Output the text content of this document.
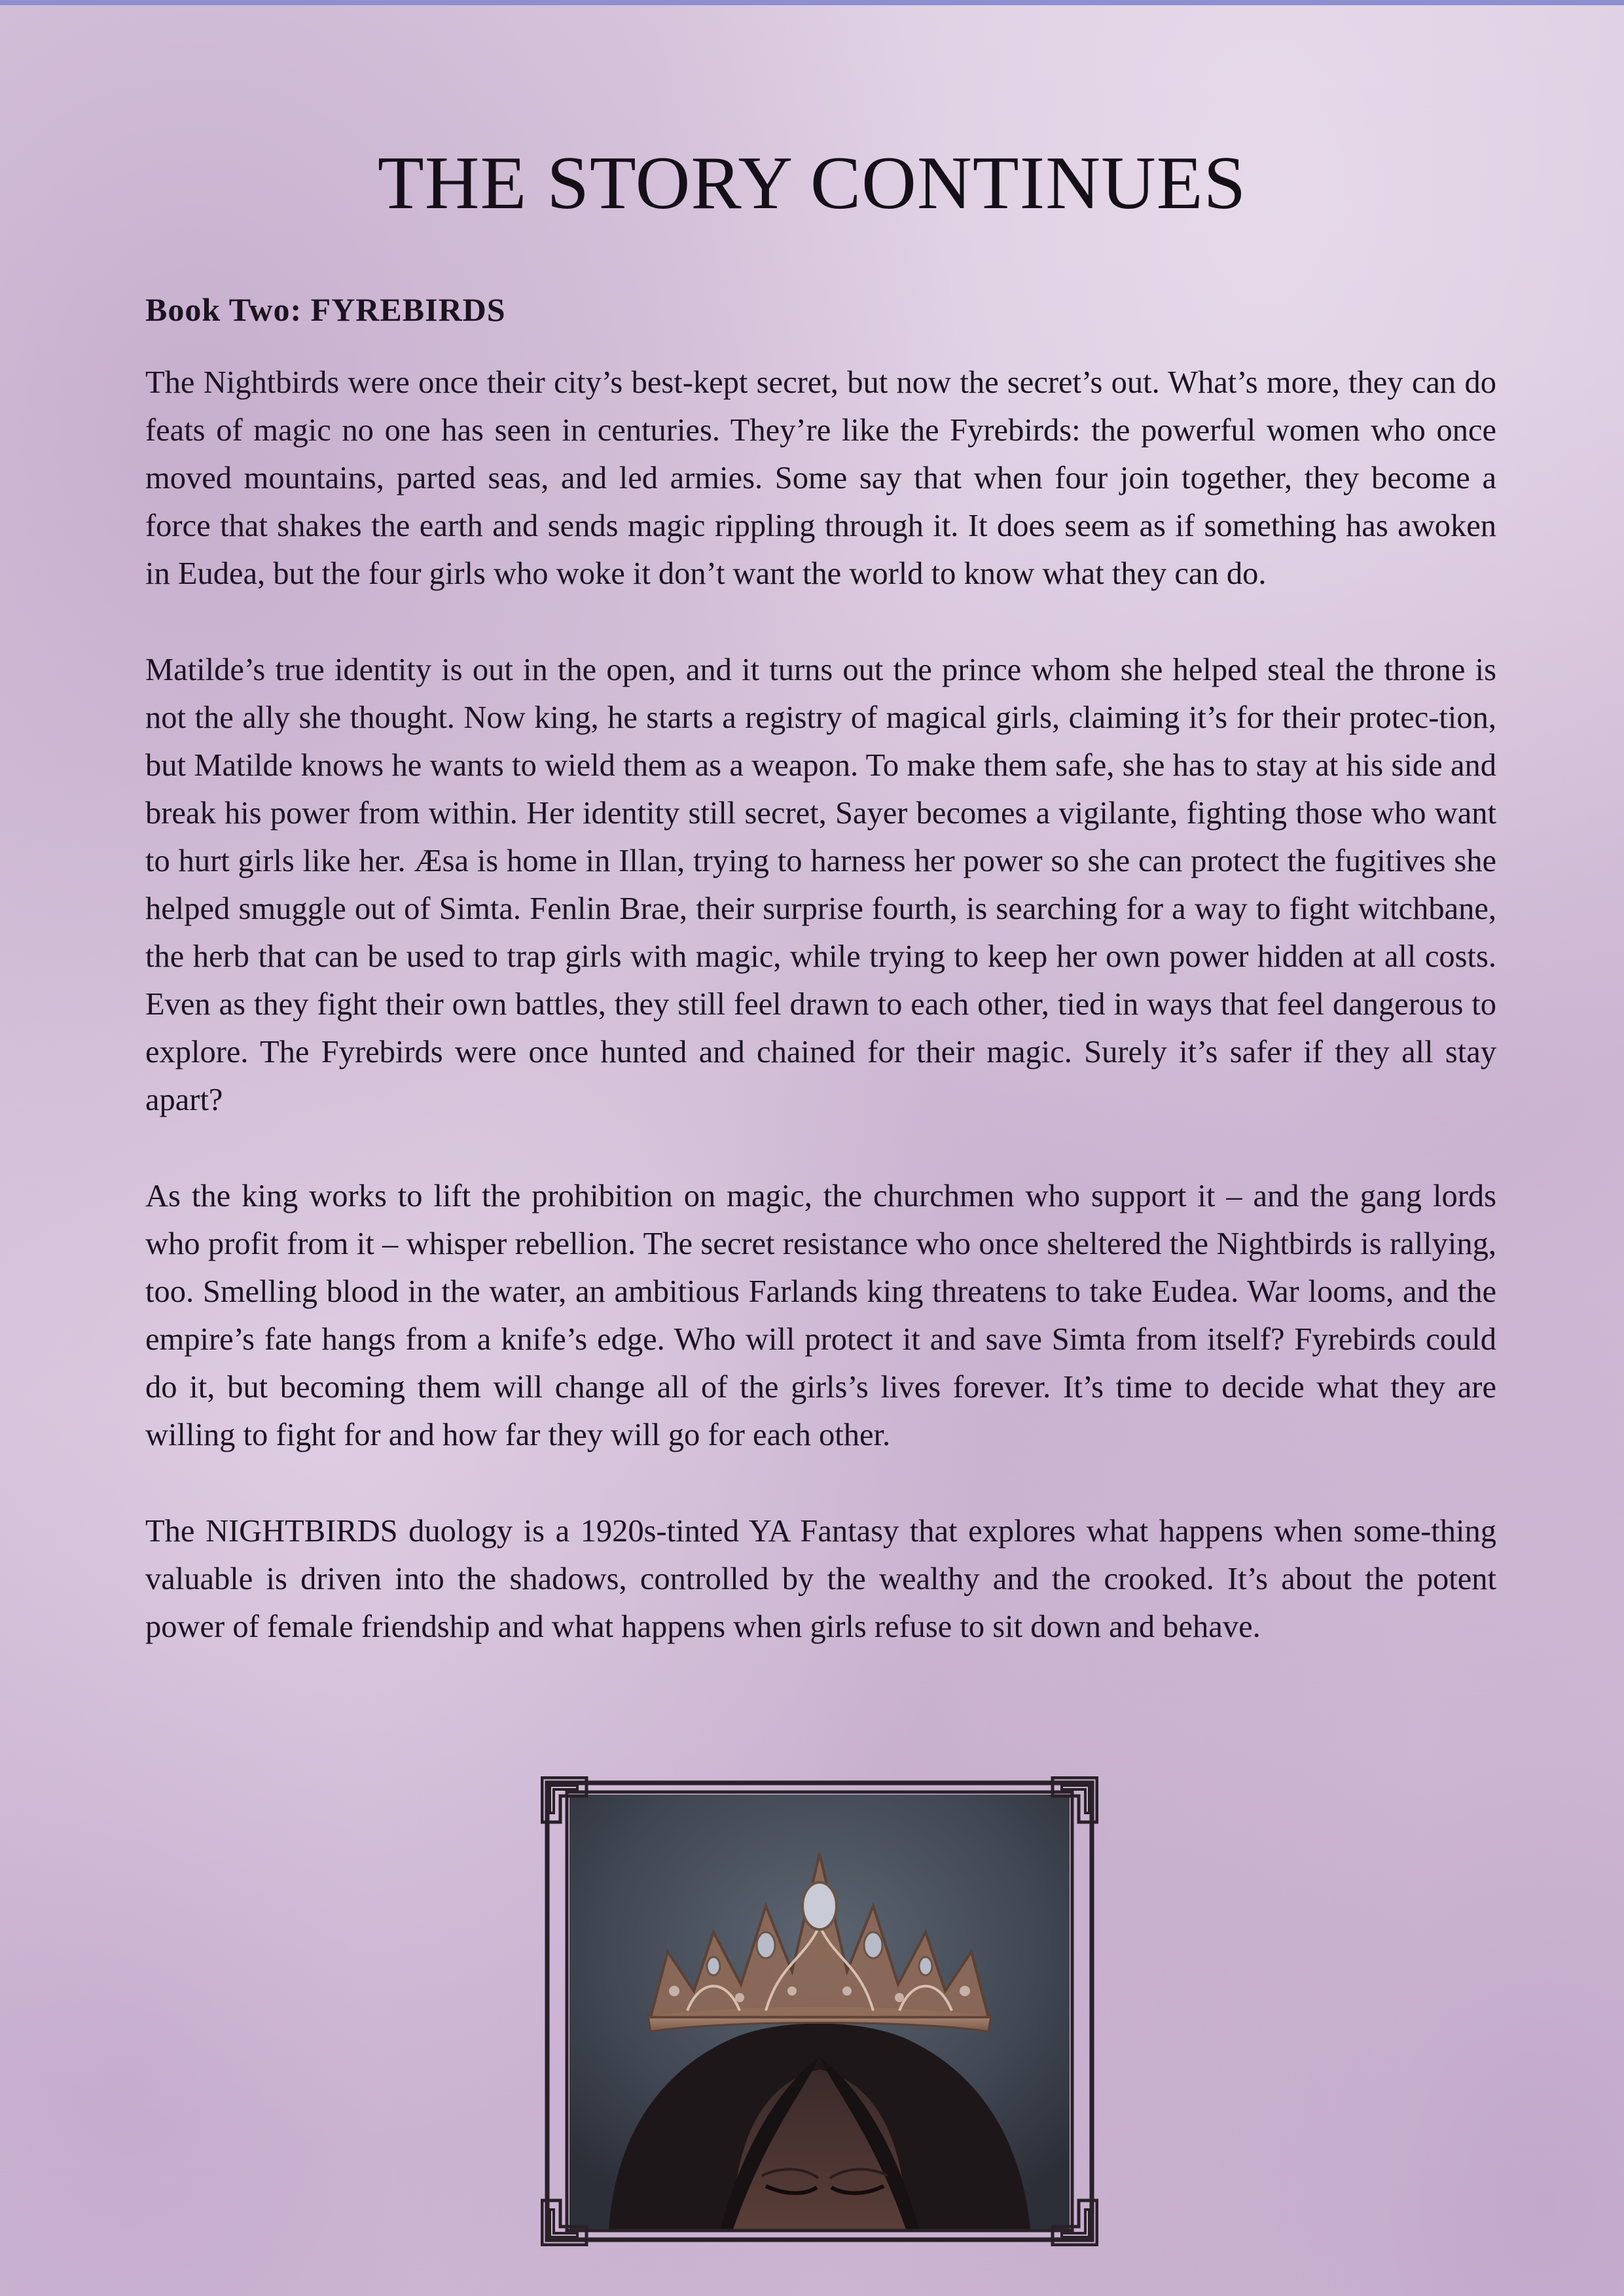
THE STORY CONTINUES
Book Two: FYREBIRDS

The Nightbirds were once their city’s best-kept secret, but now the secret’s out. What’s more, they can do feats of magic no one has seen in centuries. They’re like the Fyrebirds: the powerful women who once moved mountains, parted seas, and led armies. Some say that when four join together, they become a force that shakes the earth and sends magic rippling through it. It does seem as if something has awoken in Eudea, but the four girls who woke it don’t want the world to know what they can do.

Matilde’s true identity is out in the open, and it turns out the prince whom she helped steal the throne is not the ally she thought. Now king, he starts a registry of magical girls, claiming it’s for their protec-tion, but Matilde knows he wants to wield them as a weapon. To make them safe, she has to stay at his side and break his power from within. Her identity still secret, Sayer becomes a vigilante, fighting those who want to hurt girls like her. Æsa is home in Illan, trying to harness her power so she can protect the fugitives she helped smuggle out of Simta. Fenlin Brae, their surprise fourth, is searching for a way to fight witchbane, the herb that can be used to trap girls with magic, while trying to keep her own power hidden at all costs. Even as they fight their own battles, they still feel drawn to each other, tied in ways that feel dangerous to explore. The Fyrebirds were once hunted and chained for their magic. Surely it’s safer if they all stay apart?

As the king works to lift the prohibition on magic, the churchmen who support it – and the gang lords who profit from it – whisper rebellion. The secret resistance who once sheltered the Nightbirds is rallying, too. Smelling blood in the water, an ambitious Farlands king threatens to take Eudea. War looms, and the empire’s fate hangs from a knife’s edge. Who will protect it and save Simta from itself? Fyrebirds could do it, but becoming them will change all of the girls’s lives forever. It’s time to decide what they are willing to fight for and how far they will go for each other.

The NIGHTBIRDS duology is a 1920s-tinted YA Fantasy that explores what happens when some-thing valuable is driven into the shadows, controlled by the wealthy and the crooked. It’s about the potent power of female friendship and what happens when girls refuse to sit down and behave.
